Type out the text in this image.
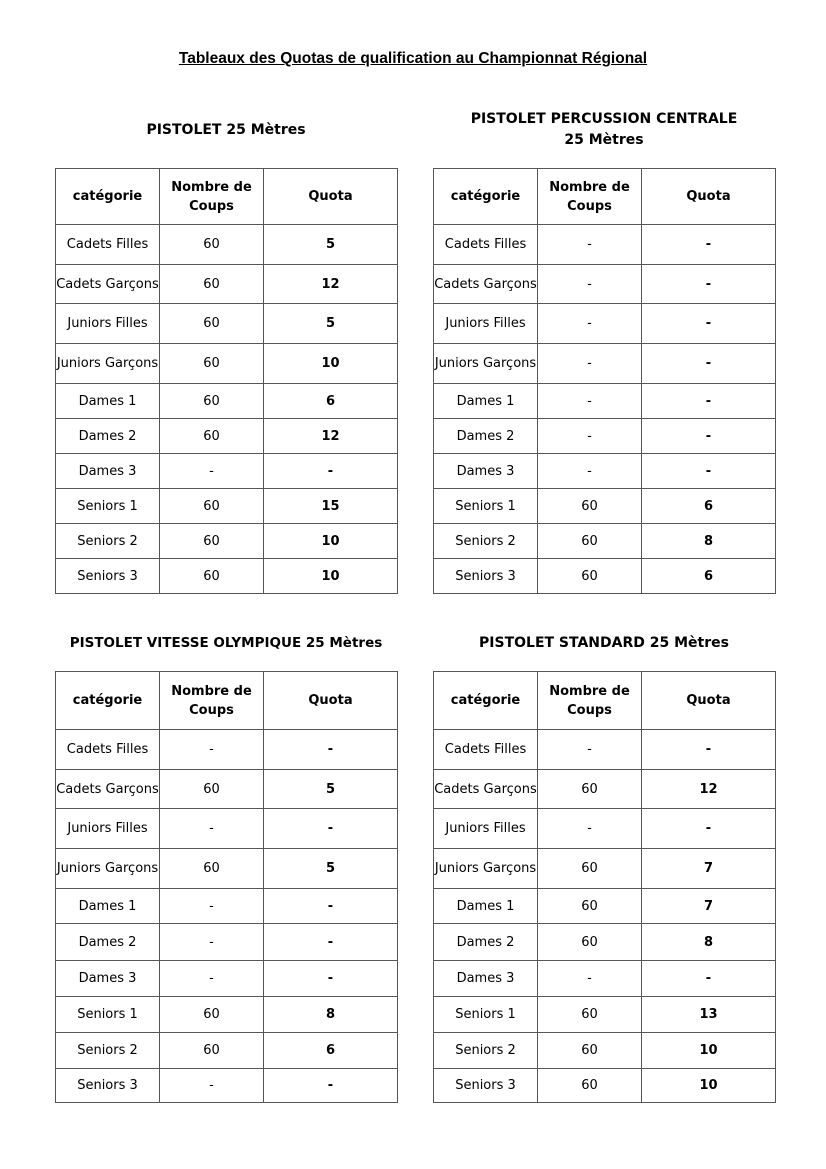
Tableaux des Quotas de qualification au Championnat Régional
PISTOLET 25 Mètres
PISTOLET PERCUSSION CENTRALE
25 Mètres
PISTOLET VITESSE OLYMPIQUE 25 Mètres	PISTOLET STANDARD 25 Mètres
catégorie	Nombre de Coups	Quota
Cadets Filles	60	5
Cadets Garçons	60	12
Juniors Filles	60	5
Juniors Garçons	60	10
Dames 1	60	6
Dames 2	60	12
Dames 3	-	-
Seniors 1	60	15
Seniors 2	60	10
Seniors 3	60	10
catégorie	Nombre de Coups	Quota
Cadets Filles	-	-
Cadets Garçons	-	-
Juniors Filles	-	-
Juniors Garçons	-	-
Dames 1	-	-
Dames 2	-	-
Dames 3	-	-
Seniors 1	60	6
Seniors 2	60	8
Seniors 3	60	6
catégorie	Nombre de Coups	Quota
Cadets Filles	-	-
Cadets Garçons	60	5
Juniors Filles	-	-
Juniors Garçons	60	5
Dames 1	-	-
Dames 2	-	-
Dames 3	-	-
Seniors 1	60	8
Seniors 2	60	6
Seniors 3	-	-
catégorie	Nombre de Coups	Quota
Cadets Filles	-	-
Cadets Garçons	60	12
Juniors Filles	-	-
Juniors Garçons	60	7
Dames 1	60	7
Dames 2	60	8
Dames 3	-	-
Seniors 1	60	13
Seniors 2	60	10
Seniors 3	60	10
